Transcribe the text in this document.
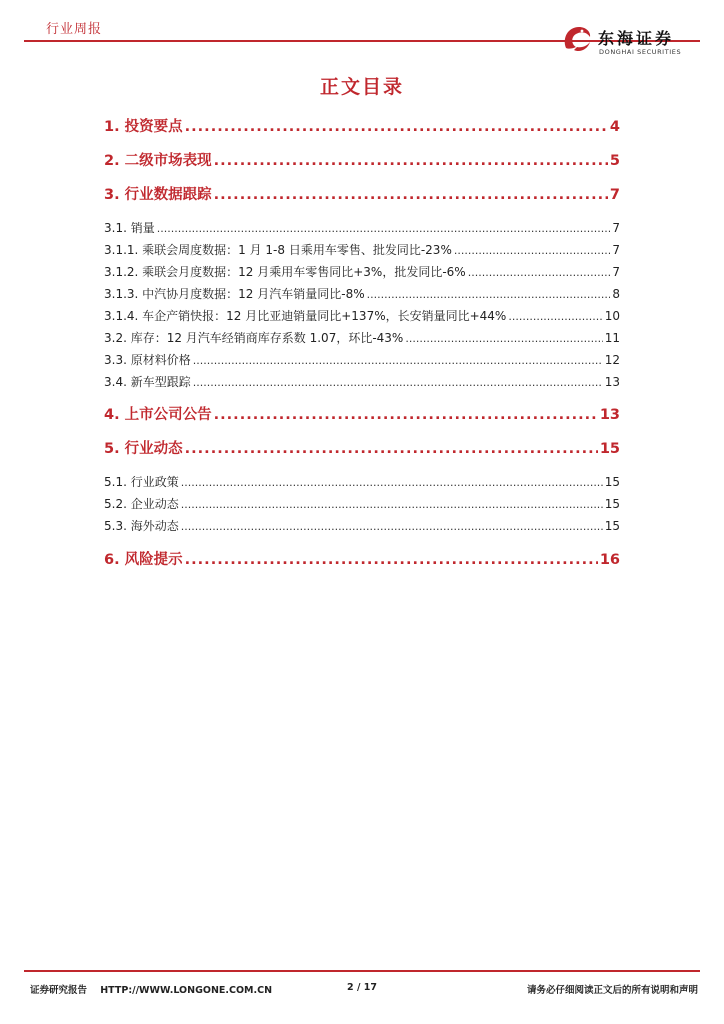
行业周报	东海证券
DONGHAI SECURITIES
正文目录
1. 投资要点 .....	4
2. 二级市场表现 .....	5
3. 行业数据跟踪 .....	7
3.1. 销量 .....	7
3.1.1. 乘联会周度数据：1 月 1-8 日乘用车零售、批发同比-23% .....	7
3.1.2. 乘联会月度数据：12 月乘用车零售同比+3%，批发同比-6% .....	7
3.1.3. 中汽协月度数据：12 月汽车销量同比-8% .....	8
3.1.4. 车企产销快报：12 月比亚迪销量同比+137%，长安销量同比+44% .....	10
3.2. 库存：12 月汽车经销商库存系数 1.07，环比-43% .....	11
3.3. 原材料价格 .....	12
3.4. 新车型跟踪 .....	13
4. 上市公司公告 .....	13
5. 行业动态 .....	15
5.1. 行业政策 .....	15
5.2. 企业动态 .....	15
5.3. 海外动态 .....	15
6. 风险提示 .....	16
证券研究报告    HTTP://WWW.LONGONE.COM.CN	2 / 17	请务必仔细阅读正文后的所有说明和声明
